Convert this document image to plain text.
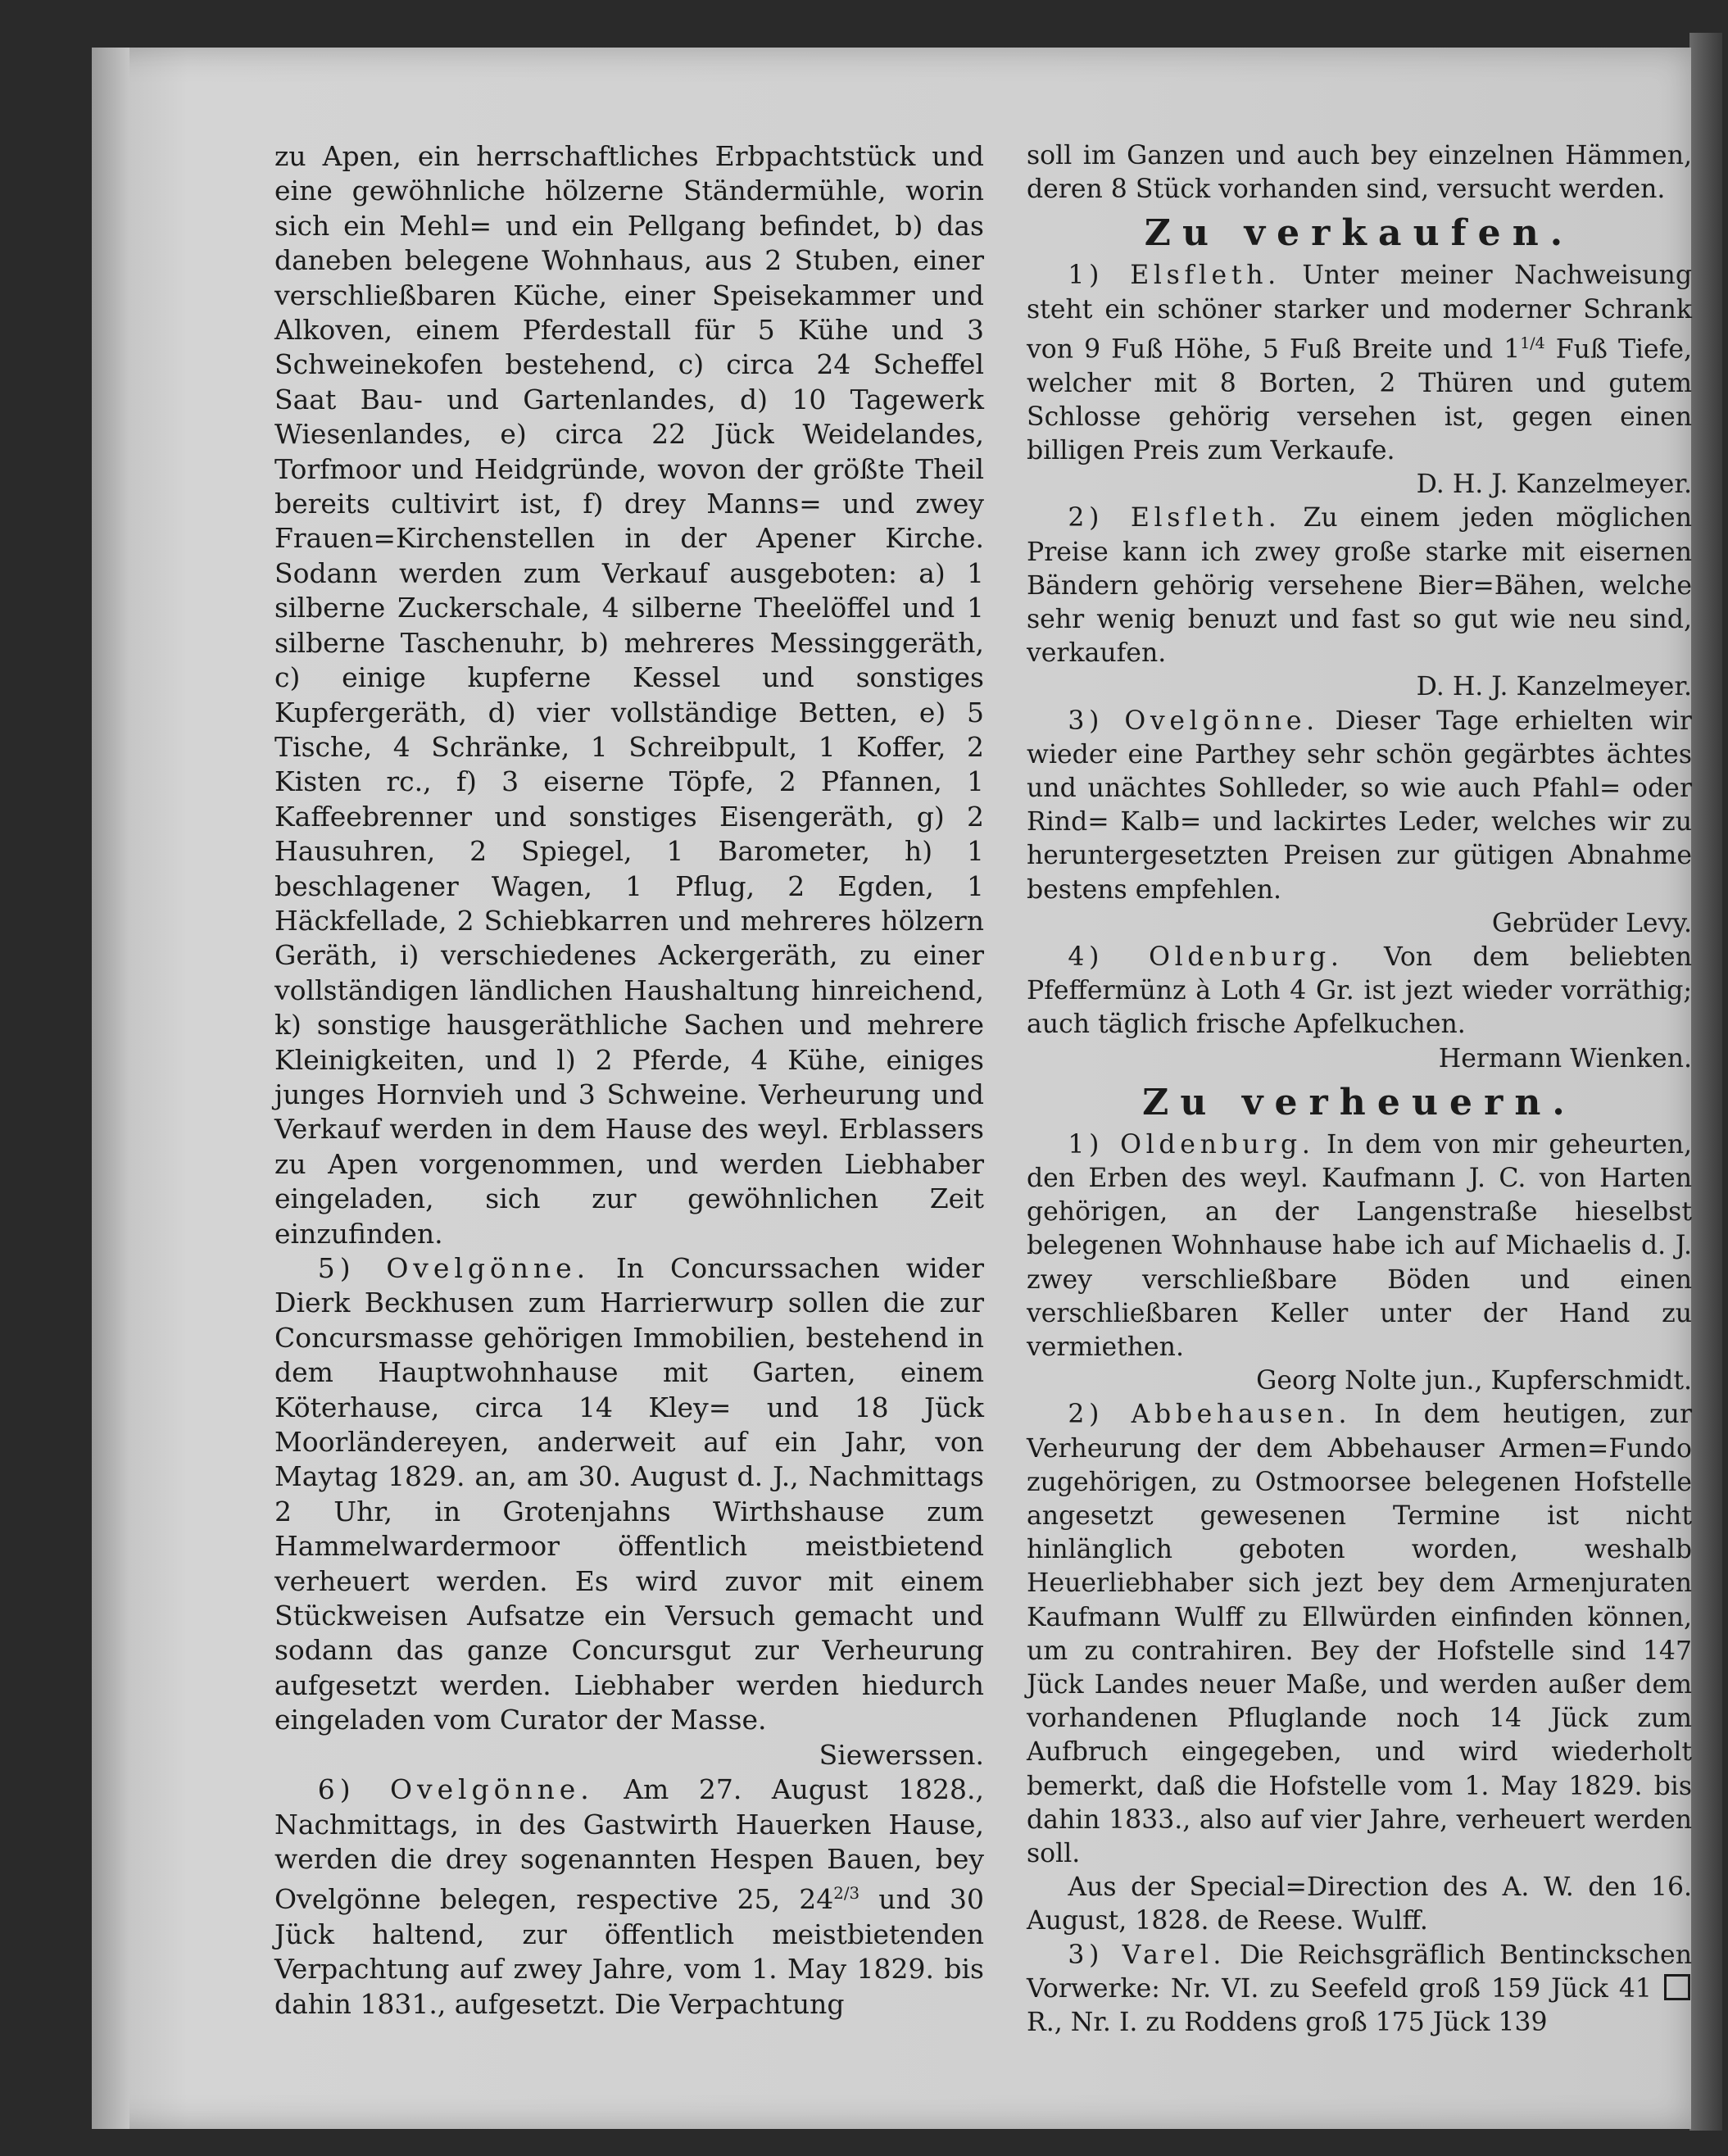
zu Apen, ein herrschaftliches Erbpachtstück und eine gewöhnliche hölzerne Ständermühle, worin sich ein Mehl= und ein Pellgang befindet, b) das daneben belegene Wohnhaus, aus 2 Stuben, einer verschließbaren Küche, einer Speisekammer und Alkoven, einem Pferdestall für 5 Kühe und 3 Schweinekofen bestehend, c) circa 24 Scheffel Saat Bau- und Gartenlandes, d) 10 Tagewerk Wiesenlandes, e) circa 22 Jück Weidelandes, Torfmoor und Heidgründe, wovon der größte Theil bereits cultivirt ist, f) drey Manns= und zwey Frauen=Kirchenstellen in der Apener Kirche. Sodann werden zum Verkauf ausgeboten: a) 1 silberne Zuckerschale, 4 silberne Theelöffel und 1 silberne Taschenuhr, b) mehreres Messinggeräth, c) einige kupferne Kessel und sonstiges Kupfergeräth, d) vier vollständige Betten, e) 5 Tische, 4 Schränke, 1 Schreibpult, 1 Koffer, 2 Kisten rc., f) 3 eiserne Töpfe, 2 Pfannen, 1 Kaffeebrenner und sonstiges Eisengeräth, g) 2 Hausuhren, 2 Spiegel, 1 Barometer, h) 1 beschlagener Wagen, 1 Pflug, 2 Egden, 1 Häckfellade, 2 Schiebkarren und mehreres hölzern Geräth, i) verschiedenes Ackergeräth, zu einer vollständigen ländlichen Haushaltung hinreichend, k) sonstige hausgeräthliche Sachen und mehrere Kleinigkeiten, und l) 2 Pferde, 4 Kühe, einiges junges Hornvieh und 3 Schweine. Verheurung und Verkauf werden in dem Hause des weyl. Erblassers zu Apen vorgenommen, und werden Liebhaber eingeladen, sich zur gewöhnlichen Zeit einzufinden.

5) Ovelgönne. In Concurssachen wider Dierk Beckhusen zum Harrierwurp sollen die zur Concursmasse gehörigen Immobilien, bestehend in dem Hauptwohnhause mit Garten, einem Köterhause, circa 14 Kley= und 18 Jück Moorländereyen, anderweit auf ein Jahr, von Maytag 1829. an, am 30. August d. J., Nachmittags 2 Uhr, in Grotenjahns Wirthshause zum Hammelwardermoor öffentlich meistbietend verheuert werden. Es wird zuvor mit einem Stückweisen Aufsatze ein Versuch gemacht und sodann das ganze Concursgut zur Verheurung aufgesetzt werden. Liebhaber werden hiedurch eingeladen vom Curator der Masse.

Siewerssen.

6) Ovelgönne. Am 27. August 1828., Nachmittags, in des Gastwirth Hauerken Hause, werden die drey sogenannten Hespen Bauen, bey Ovelgönne belegen, respective 25, $24^{2/3}$ und 30 Jück haltend, zur öffentlich meistbietenden Verpachtung auf zwey Jahre, vom 1. May 1829. bis dahin 1831., aufgesetzt. Die Verpachtung

soll im Ganzen und auch bey einzelnen Hämmen, deren 8 Stück vorhanden sind, versucht werden.

Zu verkaufen.

1) Elsfleth. Unter meiner Nachweisung steht ein schöner starker und moderner Schrank von 9 Fuß Höhe, 5 Fuß Breite und $1^{1/4}$ Fuß Tiefe, welcher mit 8 Borten, 2 Thüren und gutem Schlosse gehörig versehen ist, gegen einen billigen Preis zum Verkaufe.

D. H. J. Kanzelmeyer.

2) Elsfleth. Zu einem jeden möglichen Preise kann ich zwey große starke mit eisernen Bändern gehörig versehene Bier=Bähen, welche sehr wenig benuzt und fast so gut wie neu sind, verkaufen.

D. H. J. Kanzelmeyer.

3) Ovelgönne. Dieser Tage erhielten wir wieder eine Parthey sehr schön gegärbtes ächtes und unächtes Sohlleder, so wie auch Pfahl= oder Rind= Kalb= und lackirtes Leder, welches wir zu heruntergesetzten Preisen zur gütigen Abnahme bestens empfehlen.

Gebrüder Levy.

4) Oldenburg. Von dem beliebten Pfeffermünz à Loth 4 Gr. ist jezt wieder vorräthig; auch täglich frische Apfelkuchen.

Hermann Wienken.

Zu verheuern.

1) Oldenburg. In dem von mir geheurten, den Erben des weyl. Kaufmann J. C. von Harten gehörigen, an der Langenstraße hieselbst belegenen Wohnhause habe ich auf Michaelis d. J. zwey verschließbare Böden und einen verschließbaren Keller unter der Hand zu vermiethen.

Georg Nolte jun., Kupferschmidt.

2) Abbehausen. In dem heutigen, zur Verheurung der dem Abbehauser Armen=Fundo zugehörigen, zu Ostmoorsee belegenen Hofstelle angesetzt gewesenen Termine ist nicht hinlänglich geboten worden, weshalb Heuerliebhaber sich jezt bey dem Armenjuraten Kaufmann Wulff zu Ellwürden einfinden können, um zu contrahiren. Bey der Hofstelle sind 147 Jück Landes neuer Maße, und werden außer dem vorhandenen Pfluglande noch 14 Jück zum Aufbruch eingegeben, und wird wiederholt bemerkt, daß die Hofstelle vom 1. May 1829. bis dahin 1833., also auf vier Jahre, verheuert werden soll.

Aus der Special=Direction des A. W. den 16. August, 1828. de Reese. Wulff.

3) Varel. Die Reichsgräflich Bentinckschen Vorwerke: Nr. VI. zu Seefeld groß 159 Jück 41 R., Nr. I. zu Roddens groß 175 Jück 139
